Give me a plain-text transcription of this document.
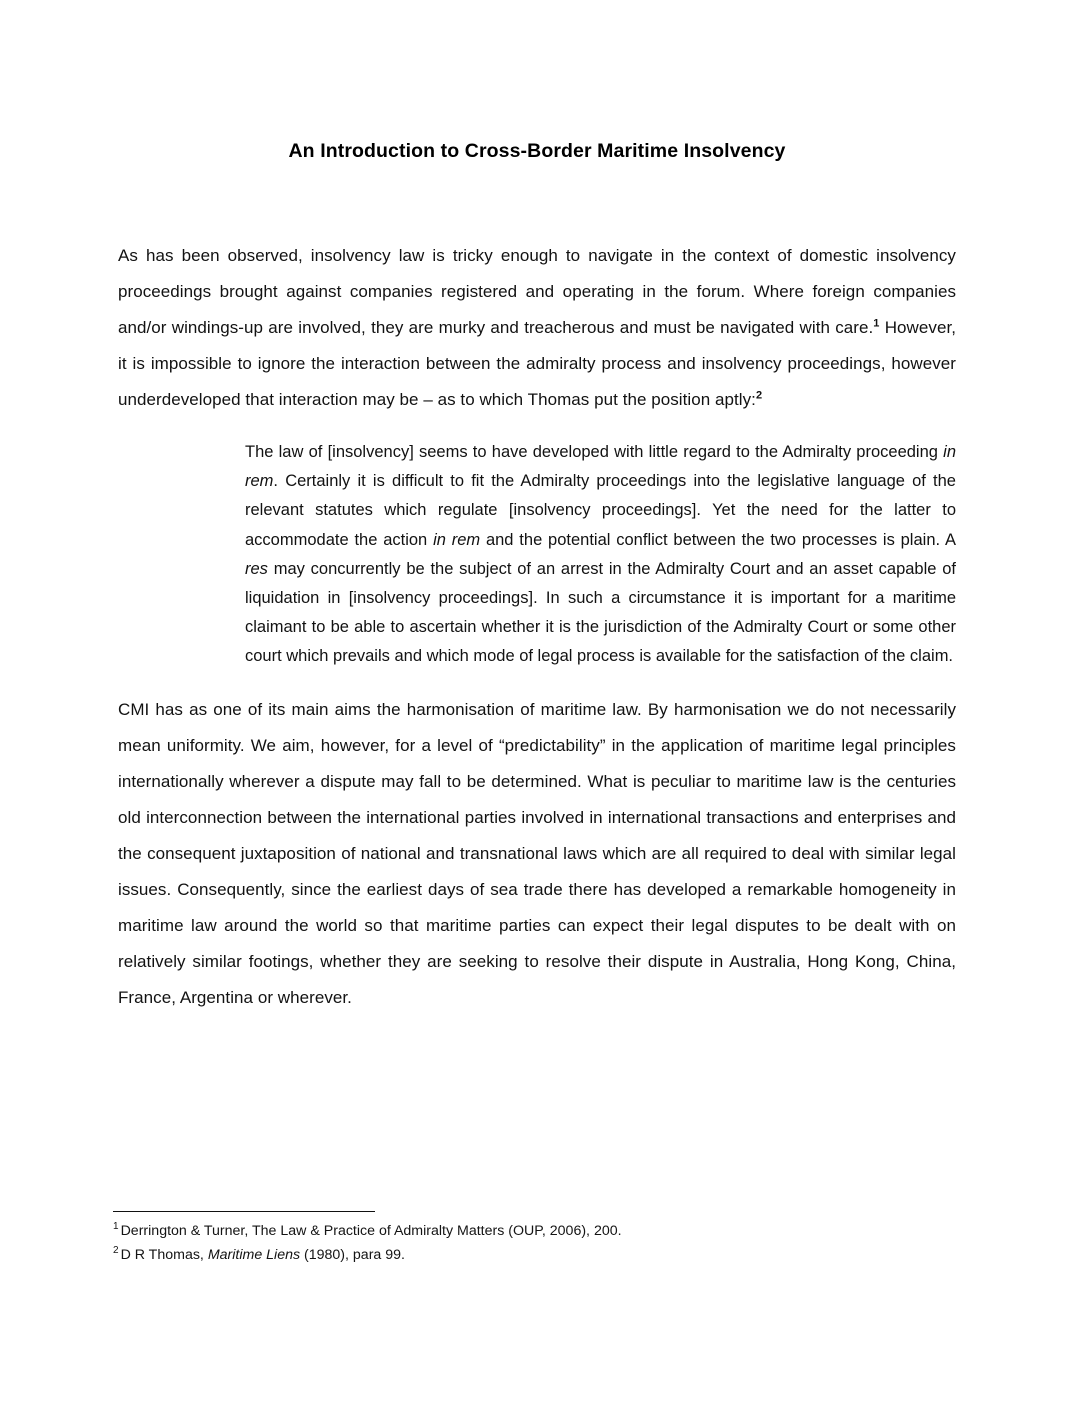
An Introduction to Cross-Border Maritime Insolvency

As has been observed, insolvency law is tricky enough to navigate in the context of domestic insolvency proceedings brought against companies registered and operating in the forum. Where foreign companies and/or windings-up are involved, they are murky and treacherous and must be navigated with care.$^1$ However, it is impossible to ignore the interaction between the admiralty process and insolvency proceedings, however underdeveloped that interaction may be – as to which Thomas put the position aptly:$^2$

The law of [insolvency] seems to have developed with little regard to the Admiralty proceeding in rem. Certainly it is difficult to fit the Admiralty proceedings into the legislative language of the relevant statutes which regulate [insolvency proceedings]. Yet the need for the latter to accommodate the action in rem and the potential conflict between the two processes is plain. A res may concurrently be the subject of an arrest in the Admiralty Court and an asset capable of liquidation in [insolvency proceedings]. In such a circumstance it is important for a maritime claimant to be able to ascertain whether it is the jurisdiction of the Admiralty Court or some other court which prevails and which mode of legal process is available for the satisfaction of the claim.

CMI has as one of its main aims the harmonisation of maritime law. By harmonisation we do not necessarily mean uniformity. We aim, however, for a level of “predictability” in the application of maritime legal principles internationally wherever a dispute may fall to be determined. What is peculiar to maritime law is the centuries old interconnection between the international parties involved in international transactions and enterprises and the consequent juxtaposition of national and transnational laws which are all required to deal with similar legal issues. Consequently, since the earliest days of sea trade there has developed a remarkable homogeneity in maritime law around the world so that maritime parties can expect their legal disputes to be dealt with on relatively similar footings, whether they are seeking to resolve their dispute in Australia, Hong Kong, China, France, Argentina or wherever.

$^1$ Derrington & Turner, The Law & Practice of Admiralty Matters (OUP, 2006), 200.

$^2$ D R Thomas, Maritime Liens (1980), para 99.
